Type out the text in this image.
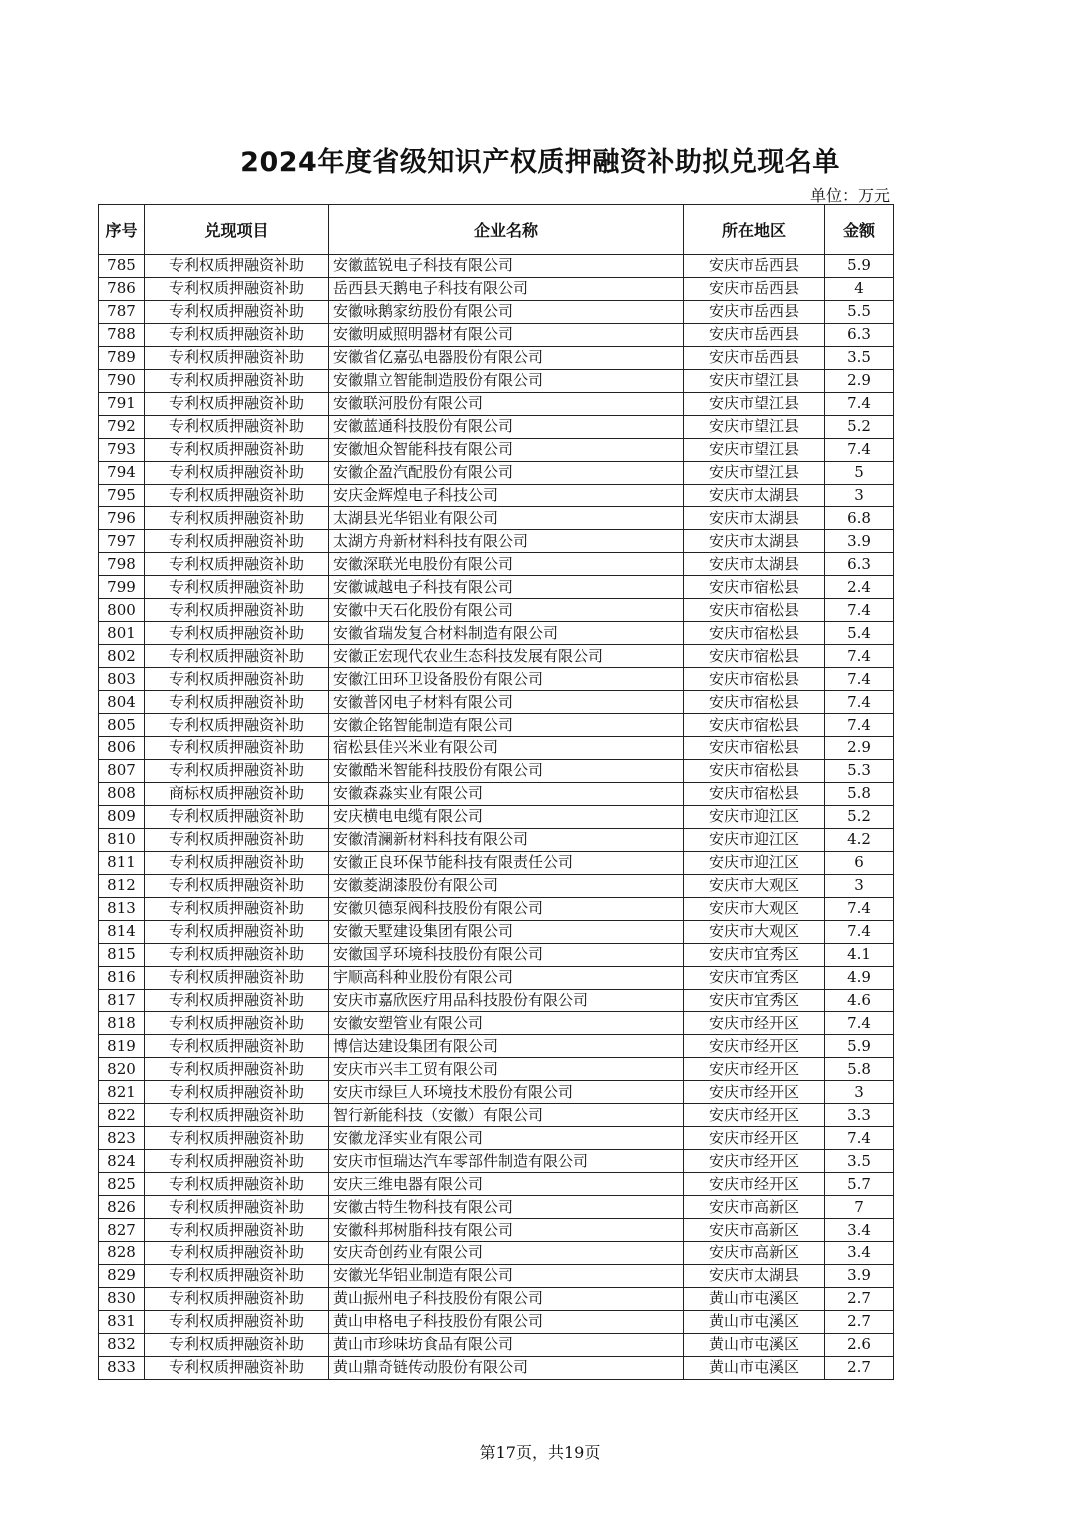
2024年度省级知识产权质押融资补助拟兑现名单
单位：万元
序号	兑现项目	企业名称	所在地区	金额
785	专利权质押融资补助	安徽蓝锐电子科技有限公司	安庆市岳西县	5.9
786	专利权质押融资补助	岳西县天鹅电子科技有限公司	安庆市岳西县	4
787	专利权质押融资补助	安徽咏鹅家纺股份有限公司	安庆市岳西县	5.5
788	专利权质押融资补助	安徽明威照明器材有限公司	安庆市岳西县	6.3
789	专利权质押融资补助	安徽省亿嘉弘电器股份有限公司	安庆市岳西县	3.5
790	专利权质押融资补助	安徽鼎立智能制造股份有限公司	安庆市望江县	2.9
791	专利权质押融资补助	安徽联河股份有限公司	安庆市望江县	7.4
792	专利权质押融资补助	安徽蓝通科技股份有限公司	安庆市望江县	5.2
793	专利权质押融资补助	安徽旭众智能科技有限公司	安庆市望江县	7.4
794	专利权质押融资补助	安徽企盈汽配股份有限公司	安庆市望江县	5
795	专利权质押融资补助	安庆金辉煌电子科技公司	安庆市太湖县	3
796	专利权质押融资补助	太湖县光华铝业有限公司	安庆市太湖县	6.8
797	专利权质押融资补助	太湖方舟新材料科技有限公司	安庆市太湖县	3.9
798	专利权质押融资补助	安徽深联光电股份有限公司	安庆市太湖县	6.3
799	专利权质押融资补助	安徽诚越电子科技有限公司	安庆市宿松县	2.4
800	专利权质押融资补助	安徽中天石化股份有限公司	安庆市宿松县	7.4
801	专利权质押融资补助	安徽省瑞发复合材料制造有限公司	安庆市宿松县	5.4
802	专利权质押融资补助	安徽正宏现代农业生态科技发展有限公司	安庆市宿松县	7.4
803	专利权质押融资补助	安徽江田环卫设备股份有限公司	安庆市宿松县	7.4
804	专利权质押融资补助	安徽普冈电子材料有限公司	安庆市宿松县	7.4
805	专利权质押融资补助	安徽企铭智能制造有限公司	安庆市宿松县	7.4
806	专利权质押融资补助	宿松县佳兴米业有限公司	安庆市宿松县	2.9
807	专利权质押融资补助	安徽酷米智能科技股份有限公司	安庆市宿松县	5.3
808	商标权质押融资补助	安徽森淼实业有限公司	安庆市宿松县	5.8
809	专利权质押融资补助	安庆横电电缆有限公司	安庆市迎江区	5.2
810	专利权质押融资补助	安徽清澜新材料科技有限公司	安庆市迎江区	4.2
811	专利权质押融资补助	安徽正良环保节能科技有限责任公司	安庆市迎江区	6
812	专利权质押融资补助	安徽菱湖漆股份有限公司	安庆市大观区	3
813	专利权质押融资补助	安徽贝德泵阀科技股份有限公司	安庆市大观区	7.4
814	专利权质押融资补助	安徽天墅建设集团有限公司	安庆市大观区	7.4
815	专利权质押融资补助	安徽国孚环境科技股份有限公司	安庆市宜秀区	4.1
816	专利权质押融资补助	宇顺高科种业股份有限公司	安庆市宜秀区	4.9
817	专利权质押融资补助	安庆市嘉欣医疗用品科技股份有限公司	安庆市宜秀区	4.6
818	专利权质押融资补助	安徽安塑管业有限公司	安庆市经开区	7.4
819	专利权质押融资补助	博信达建设集团有限公司	安庆市经开区	5.9
820	专利权质押融资补助	安庆市兴丰工贸有限公司	安庆市经开区	5.8
821	专利权质押融资补助	安庆市绿巨人环境技术股份有限公司	安庆市经开区	3
822	专利权质押融资补助	智行新能科技（安徽）有限公司	安庆市经开区	3.3
823	专利权质押融资补助	安徽龙泽实业有限公司	安庆市经开区	7.4
824	专利权质押融资补助	安庆市恒瑞达汽车零部件制造有限公司	安庆市经开区	3.5
825	专利权质押融资补助	安庆三维电器有限公司	安庆市经开区	5.7
826	专利权质押融资补助	安徽古特生物科技有限公司	安庆市高新区	7
827	专利权质押融资补助	安徽科邦树脂科技有限公司	安庆市高新区	3.4
828	专利权质押融资补助	安庆奇创药业有限公司	安庆市高新区	3.4
829	专利权质押融资补助	安徽光华铝业制造有限公司	安庆市太湖县	3.9
830	专利权质押融资补助	黄山振州电子科技股份有限公司	黄山市屯溪区	2.7
831	专利权质押融资补助	黄山申格电子科技股份有限公司	黄山市屯溪区	2.7
832	专利权质押融资补助	黄山市珍味坊食品有限公司	黄山市屯溪区	2.6
833	专利权质押融资补助	黄山鼎奇链传动股份有限公司	黄山市屯溪区	2.7
第17页，共19页
